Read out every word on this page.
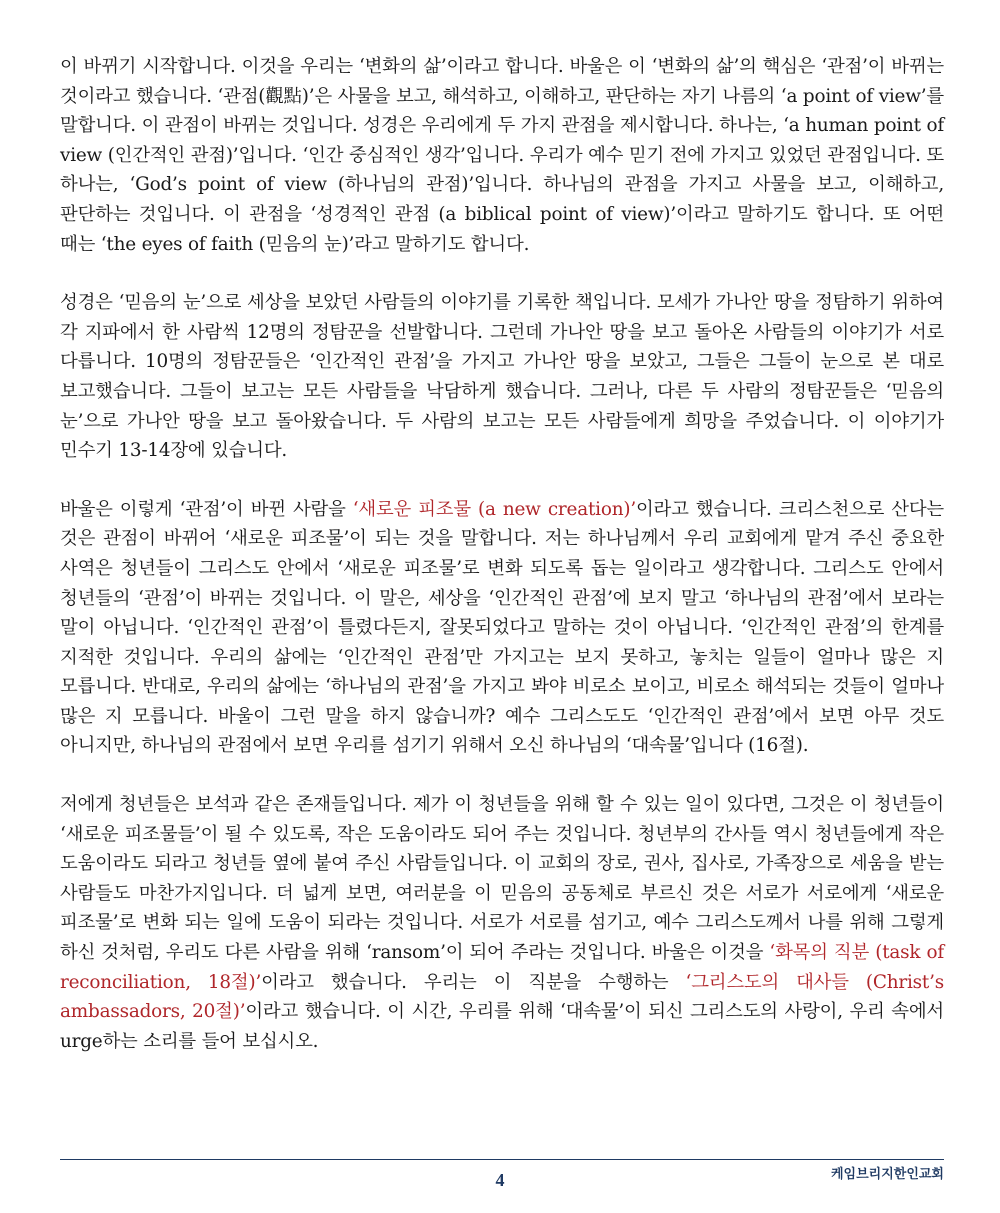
이 바뀌기 시작합니다. 이것을 우리는 ‘변화의 삶’이라고 합니다. 바울은 이 ‘변화의 삶’의 핵심은 ‘관점’이 바뀌는 것이라고 했습니다. ‘관점(觀點)’은 사물을 보고, 해석하고, 이해하고, 판단하는 자기 나름의 ‘a point of view’를 말합니다. 이 관점이 바뀌는 것입니다. 성경은 우리에게 두 가지 관점을 제시합니다. 하나는, ‘a human point of view (인간적인 관점)’입니다. ‘인간 중심적인 생각’입니다. 우리가 예수 믿기 전에 가지고 있었던 관점입니다. 또 하나는, ‘God’s point of view (하나님의 관점)’입니다. 하나님의 관점을 가지고 사물을 보고, 이해하고, 판단하는 것입니다. 이 관점을 ‘성경적인 관점 (a biblical point of view)’이라고 말하기도 합니다. 또 어떤 때는 ‘the eyes of faith (믿음의 눈)’라고 말하기도 합니다.

성경은 ‘믿음의 눈’으로 세상을 보았던 사람들의 이야기를 기록한 책입니다. 모세가 가나안 땅을 정탐하기 위하여 각 지파에서 한 사람씩 12명의 정탐꾼을 선발합니다. 그런데 가나안 땅을 보고 돌아온 사람들의 이야기가 서로 다릅니다. 10명의 정탐꾼들은 ‘인간적인 관점’을 가지고 가나안 땅을 보았고, 그들은 그들이 눈으로 본 대로 보고했습니다. 그들이 보고는 모든 사람들을 낙담하게 했습니다. 그러나, 다른 두 사람의 정탐꾼들은 ‘믿음의 눈’으로 가나안 땅을 보고 돌아왔습니다. 두 사람의 보고는 모든 사람들에게 희망을 주었습니다. 이 이야기가 민수기 13-14장에 있습니다.

바울은 이렇게 ‘관점’이 바뀐 사람을 ‘새로운 피조물 (a new creation)’이라고 했습니다. 크리스천으로 산다는 것은 관점이 바뀌어 ‘새로운 피조물’이 되는 것을 말합니다. 저는 하나님께서 우리 교회에게 맡겨 주신 중요한 사역은 청년들이 그리스도 안에서 ‘새로운 피조물’로 변화 되도록 돕는 일이라고 생각합니다. 그리스도 안에서 청년들의 ‘관점’이 바뀌는 것입니다. 이 말은, 세상을 ‘인간적인 관점’에 보지 말고 ‘하나님의 관점’에서 보라는 말이 아닙니다. ‘인간적인 관점’이 틀렸다든지, 잘못되었다고 말하는 것이 아닙니다. ‘인간적인 관점’의 한계를 지적한 것입니다. 우리의 삶에는 ‘인간적인 관점’만 가지고는 보지 못하고, 놓치는 일들이 얼마나 많은 지 모릅니다. 반대로, 우리의 삶에는 ‘하나님의 관점’을 가지고 봐야 비로소 보이고, 비로소 해석되는 것들이 얼마나 많은 지 모릅니다. 바울이 그런 말을 하지 않습니까? 예수 그리스도도 ‘인간적인 관점’에서 보면 아무 것도 아니지만, 하나님의 관점에서 보면 우리를 섬기기 위해서 오신 하나님의 ‘대속물’입니다 (16절).

저에게 청년들은 보석과 같은 존재들입니다. 제가 이 청년들을 위해 할 수 있는 일이 있다면, 그것은 이 청년들이 ‘새로운 피조물들’이 될 수 있도록, 작은 도움이라도 되어 주는 것입니다. 청년부의 간사들 역시 청년들에게 작은 도움이라도 되라고 청년들 옆에 붙여 주신 사람들입니다. 이 교회의 장로, 권사, 집사로, 가족장으로 세움을 받는 사람들도 마찬가지입니다. 더 넓게 보면, 여러분을 이 믿음의 공동체로 부르신 것은 서로가 서로에게 ‘새로운 피조물’로 변화 되는 일에 도움이 되라는 것입니다. 서로가 서로를 섬기고, 예수 그리스도께서 나를 위해 그렇게 하신 것처럼, 우리도 다른 사람을 위해 ‘ransom’이 되어 주라는 것입니다. 바울은 이것을 ‘화목의 직분 (task of reconciliation, 18절)’이라고 했습니다. 우리는 이 직분을 수행하는 ‘그리스도의 대사들 (Christ’s ambassadors, 20절)’이라고 했습니다. 이 시간, 우리를 위해 ‘대속물’이 되신 그리스도의 사랑이, 우리 속에서 urge하는 소리를 들어 보십시오.

4	케임브리지한인교회
